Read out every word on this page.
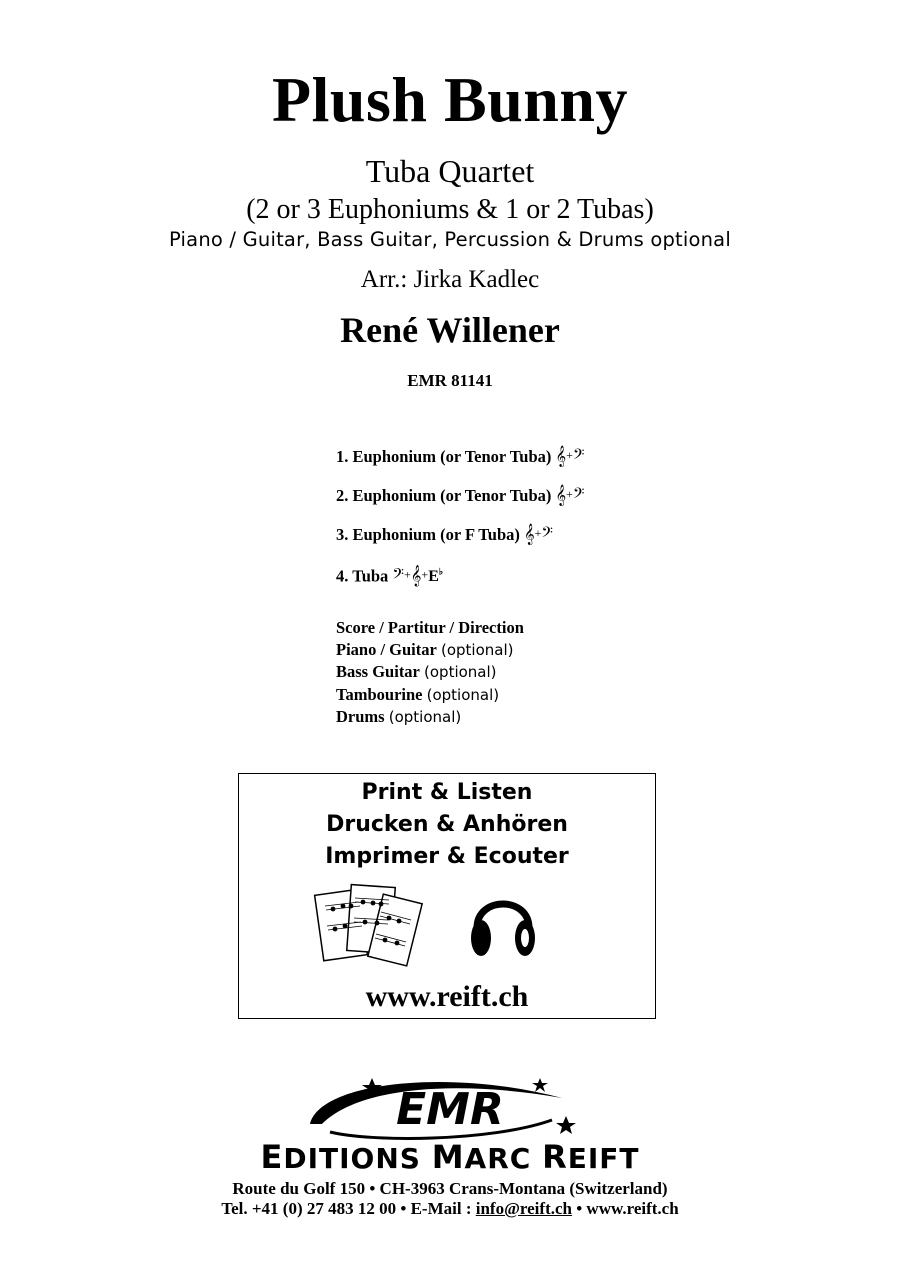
Plush Bunny
Tuba Quartet
(2 or 3 Euphoniums & 1 or 2 Tubas)
Piano / Guitar, Bass Guitar, Percussion & Drums optional
Arr.: Jirka Kadlec
René Willener
EMR 81141
1. Euphonium (or Tenor Tuba) 𝄞+𝄢
2. Euphonium (or Tenor Tuba) 𝄞+𝄢
3. Euphonium (or F Tuba) 𝄞+𝄢
4. Tuba 𝄢+𝄞+E♭
Score / Partitur / Direction
Piano / Guitar (optional)
Bass Guitar (optional)
Tambourine (optional)
Drums (optional)
Print & Listen
Drucken & Anhören
Imprimer & Ecouter
www.reift.ch
EMR
EDITIONS MARC REIFT
Route du Golf 150 • CH-3963 Crans-Montana (Switzerland)
Tel. +41 (0) 27 483 12 00 • E-Mail : info@reift.ch • www.reift.ch
